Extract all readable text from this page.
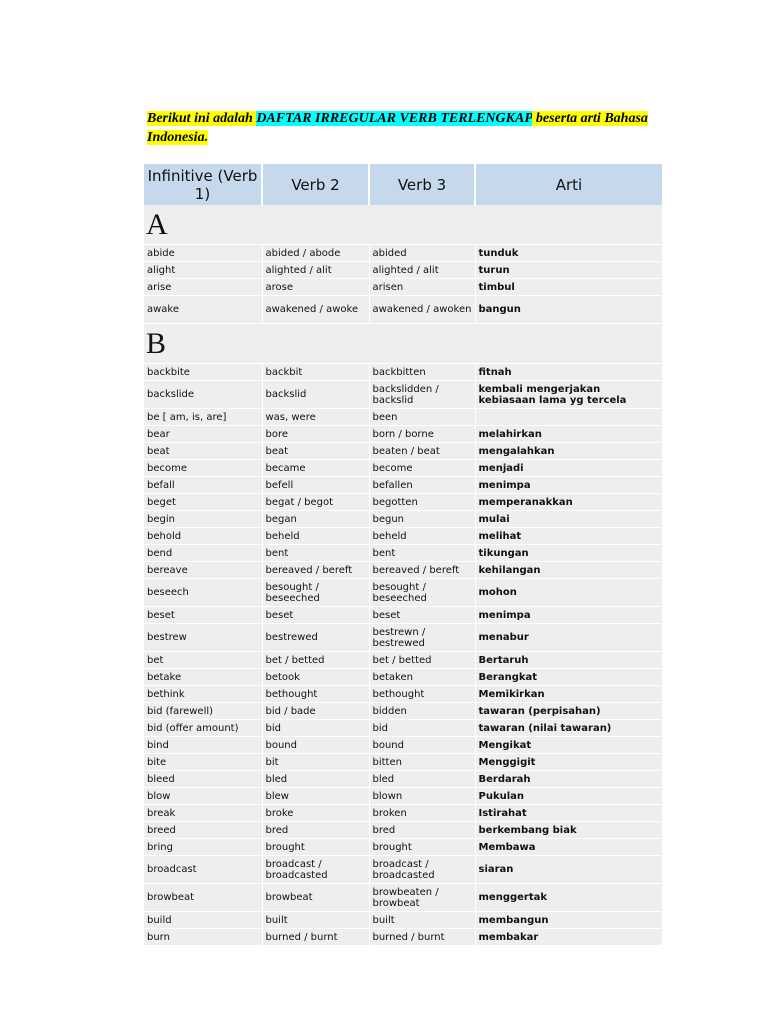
Berikut ini adalah DAFTAR IRREGULAR VERB TERLENGKAP beserta arti Bahasa Indonesia.
Infinitive (Verb 1)	Verb 2	Verb 3	Arti
A			
abide	abided / abode	abided	tunduk
alight	alighted / alit	alighted / alit	turun
arise	arose	arisen	timbul
awake	awakened / awoke	awakened / awoken	bangun
B			
backbite	backbit	backbitten	fitnah
backslide	backslid	backslidden / backslid	kembali mengerjakan kebiasaan lama yg tercela
be [ am, is, are]	was, were	been	
bear	bore	born / borne	melahirkan
beat	beat	beaten / beat	mengalahkan
become	became	become	menjadi
befall	befell	befallen	menimpa
beget	begat / begot	begotten	memperanakkan
begin	began	begun	mulai
behold	beheld	beheld	melihat
bend	bent	bent	tikungan
bereave	bereaved / bereft	bereaved / bereft	kehilangan
beseech	besought / beseeched	besought / beseeched	mohon
beset	beset	beset	menimpa
bestrew	bestrewed	bestrewn / bestrewed	menabur
bet	bet / betted	bet / betted	Bertaruh
betake	betook	betaken	Berangkat
bethink	bethought	bethought	Memikirkan
bid (farewell)	bid / bade	bidden	tawaran (perpisahan)
bid (offer amount)	bid	bid	tawaran (nilai tawaran)
bind	bound	bound	Mengikat
bite	bit	bitten	Menggigit
bleed	bled	bled	Berdarah
blow	blew	blown	Pukulan
break	broke	broken	Istirahat
breed	bred	bred	berkembang biak
bring	brought	brought	Membawa
broadcast	broadcast / broadcasted	broadcast / broadcasted	siaran
browbeat	browbeat	browbeaten / browbeat	menggertak
build	built	built	membangun
burn	burned / burnt	burned / burnt	membakar
